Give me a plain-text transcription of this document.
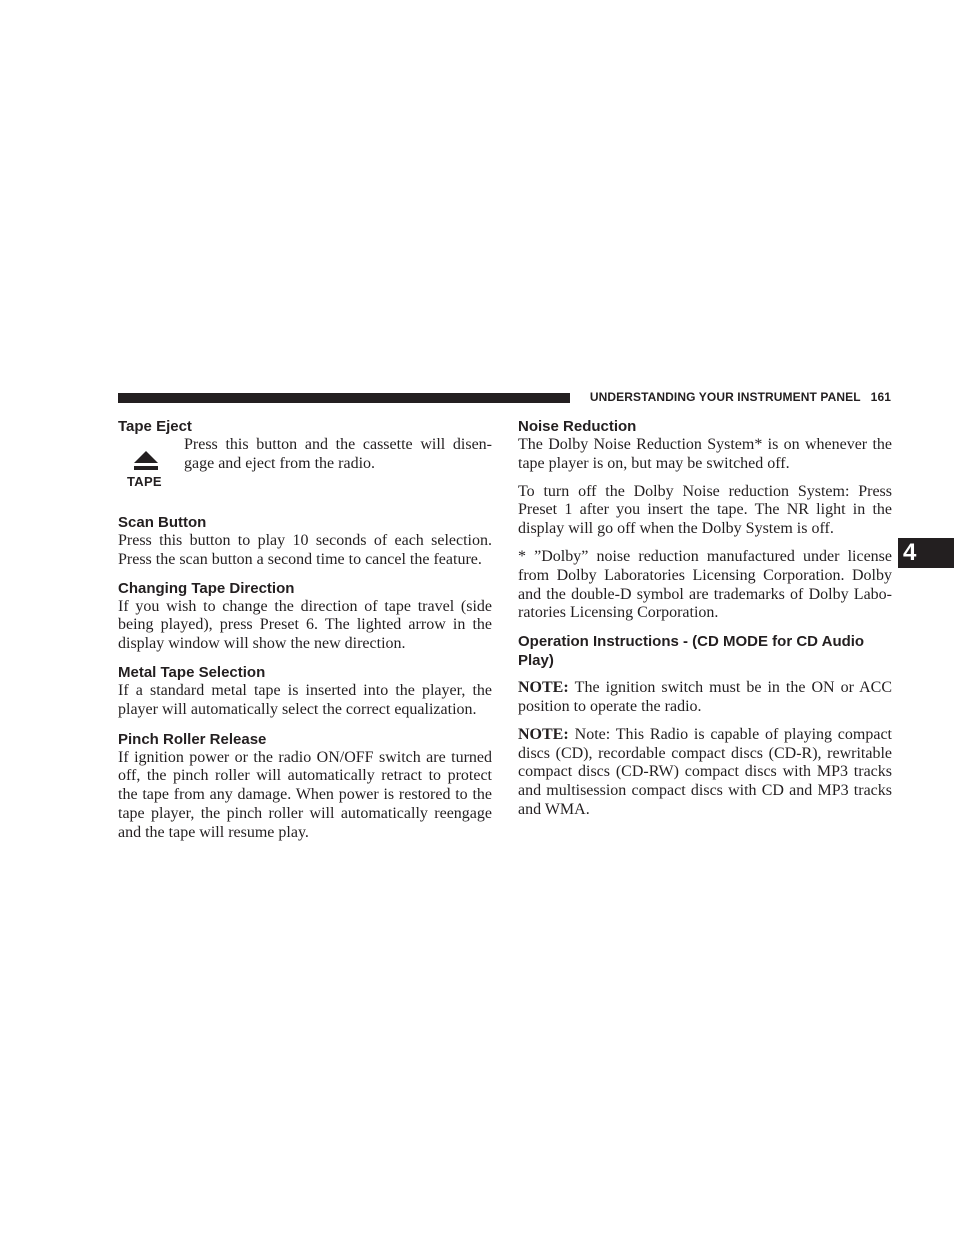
UNDERSTANDING YOUR INSTRUMENT PANEL 161
4
Tape Eject
TAPE

Press this button and the cassette will disen-gage and eject from the radio.

Scan Button

Press this button to play 10 seconds of each selection. Press the scan button a second time to cancel the feature.

Changing Tape Direction

If you wish to change the direction of tape travel (side being played), press Preset 6. The lighted arrow in the display window will show the new direction.

Metal Tape Selection

If a standard metal tape is inserted into the player, the player will automatically select the correct equalization.

Pinch Roller Release

If ignition power or the radio ON/OFF switch are turned off, the pinch roller will automatically retract to protect the tape from any damage. When power is restored to the tape player, the pinch roller will automatically reengage and the tape will resume play.

Noise Reduction

The Dolby Noise Reduction System* is on whenever the tape player is on, but may be switched off.

To turn off the Dolby Noise reduction System: Press Preset 1 after you insert the tape. The NR light in the display will go off when the Dolby System is off.

* ”Dolby” noise reduction manufactured under license from Dolby Laboratories Licensing Corporation. Dolby and the double-D symbol are trademarks of Dolby Labo-ratories Licensing Corporation.

Operation Instructions - (CD MODE for CD Audio Play)

NOTE: The ignition switch must be in the ON or ACC position to operate the radio.

NOTE: Note: This Radio is capable of playing compact discs (CD), recordable compact discs (CD-R), rewritable compact discs (CD-RW) compact discs with MP3 tracks and multisession compact discs with CD and MP3 tracks and WMA.
